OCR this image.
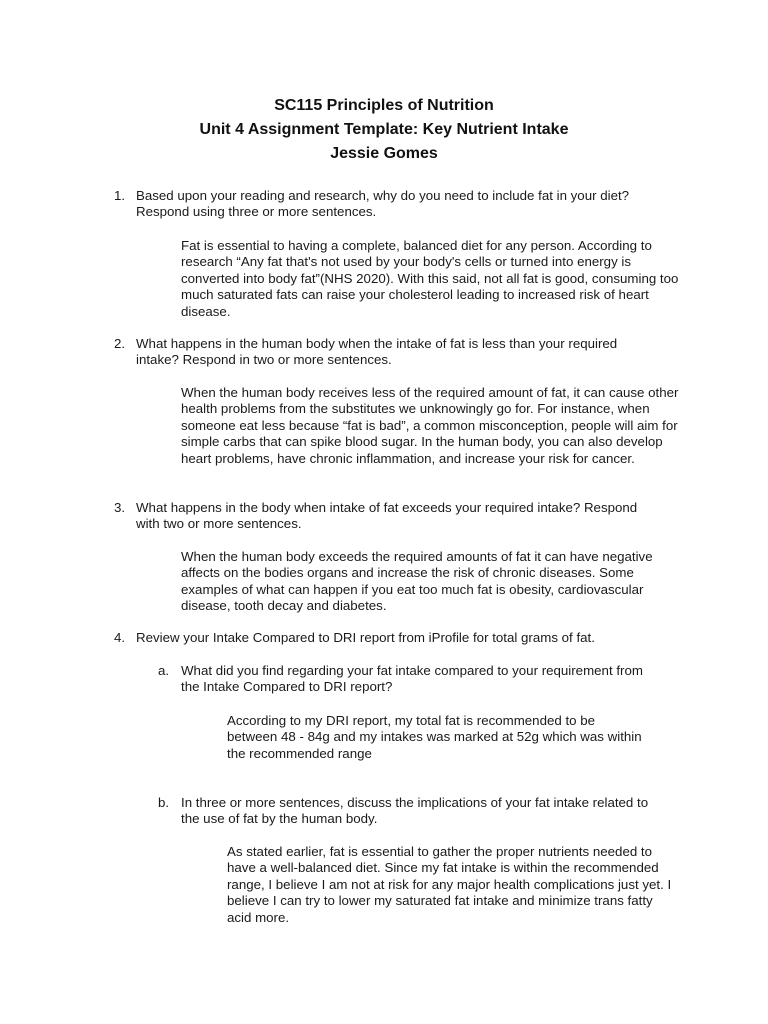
SC115 Principles of Nutrition
Unit 4 Assignment Template: Key Nutrient Intake
Jessie Gomes
1. Based upon your reading and research, why do you need to include fat in your diet? Respond using three or more sentences.
Fat is essential to having a complete, balanced diet for any person. According to research “Any fat that's not used by your body's cells or turned into energy is converted into body fat”(NHS 2020). With this said, not all fat is good, consuming too much saturated fats can raise your cholesterol leading to increased risk of heart disease.
2. What happens in the human body when the intake of fat is less than your required intake? Respond in two or more sentences.
When the human body receives less of the required amount of fat, it can cause other health problems from the substitutes we unknowingly go for. For instance, when someone eat less because “fat is bad”, a common misconception, people will aim for simple carbs that can spike blood sugar. In the human body, you can also develop heart problems, have chronic inflammation, and increase your risk for cancer.
3. What happens in the body when intake of fat exceeds your required intake? Respond with two or more sentences.
When the human body exceeds the required amounts of fat it can have negative affects on the bodies organs and increase the risk of chronic diseases. Some examples of what can happen if you eat too much fat is obesity, cardiovascular disease, tooth decay and diabetes.
4. Review your Intake Compared to DRI report from iProfile for total grams of fat.
a. What did you find regarding your fat intake compared to your requirement from the Intake Compared to DRI report?
According to my DRI report, my total fat is recommended to be between 48 - 84g and my intakes was marked at 52g which was within the recommended range
b. In three or more sentences, discuss the implications of your fat intake related to the use of fat by the human body.
As stated earlier, fat is essential to gather the proper nutrients needed to have a well-balanced diet. Since my fat intake is within the recommended range, I believe I am not at risk for any major health complications just yet. I believe I can try to lower my saturated fat intake and minimize trans fatty acid more.
